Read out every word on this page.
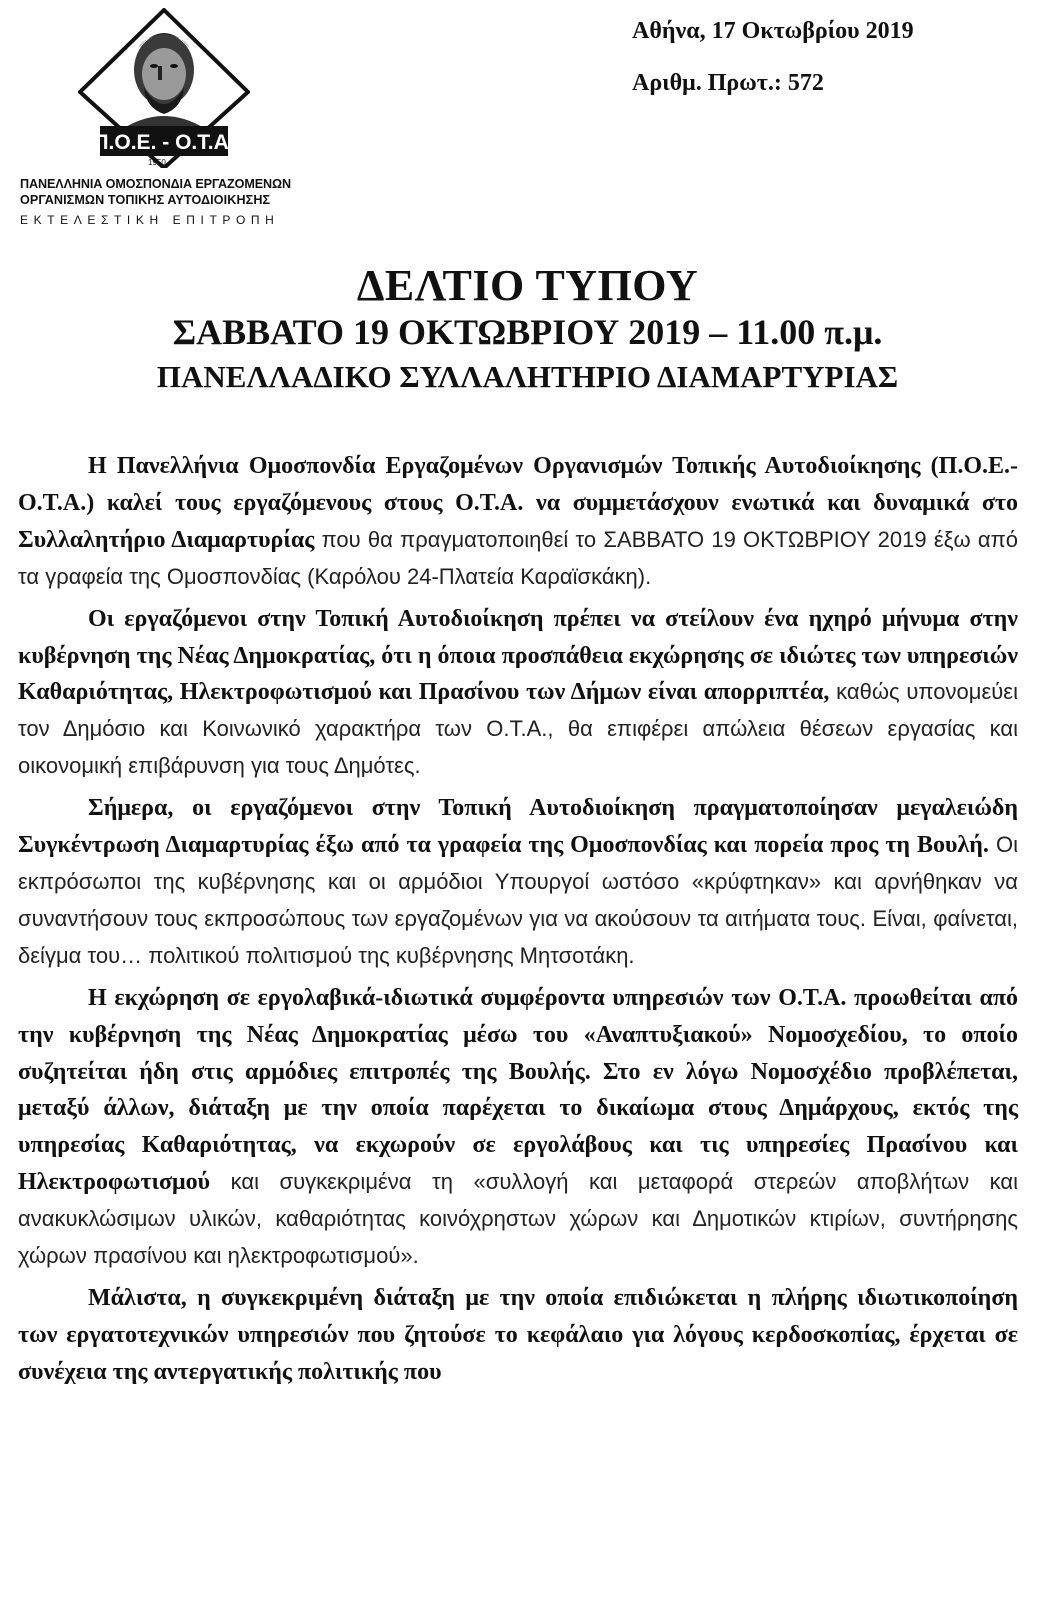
Π.Ο.Ε. - Ο.Τ.Α.
1950
ΠΑΝΕΛΛΗΝΙΑ ΟΜΟΣΠΟΝΔΙΑ ΕΡΓΑΖΟΜΕΝΩΝ
ΟΡΓΑΝΙΣΜΩΝ ΤΟΠΙΚΗΣ ΑΥΤΟΔΙΟΙΚΗΣΗΣ
ΕΚΤΕΛΕΣΤΙΚΗ ΕΠΙΤΡΟΠΗ
Αθήνα, 17 Οκτωβρίου 2019
Αριθμ. Πρωτ.: 572
ΔΕΛΤΙΟ ΤΥΠΟΥ
ΣΑΒΒΑΤΟ 19 ΟΚΤΩΒΡΙΟΥ 2019 – 11.00 π.μ.
ΠΑΝΕΛΛΑΔΙΚΟ ΣΥΛΛΑΛΗΤΗΡΙΟ ΔΙΑΜΑΡΤΥΡΙΑΣ

Η Πανελλήνια Ομοσπονδία Εργαζομένων Οργανισμών Τοπικής Αυτοδιοίκησης (Π.Ο.Ε.-Ο.Τ.Α.) καλεί τους εργαζόμενους στους Ο.Τ.Α. να συμμετάσχουν ενωτικά και δυναμικά στο Συλλαλητήριο Διαμαρτυρίας που θα πραγματοποιηθεί το ΣΑΒΒΑΤΟ 19 ΟΚΤΩΒΡΙΟΥ 2019 έξω από τα γραφεία της Ομοσπονδίας (Καρόλου 24-Πλατεία Καραϊσκάκη).

Οι εργαζόμενοι στην Τοπική Αυτοδιοίκηση πρέπει να στείλουν ένα ηχηρό μήνυμα στην κυβέρνηση της Νέας Δημοκρατίας, ότι η όποια προσπάθεια εκχώρησης σε ιδιώτες των υπηρεσιών Καθαριότητας, Ηλεκτροφωτισμού και Πρασίνου των Δήμων είναι απορριπτέα, καθώς υπονομεύει τον Δημόσιο και Κοινωνικό χαρακτήρα των Ο.Τ.Α., θα επιφέρει απώλεια θέσεων εργασίας και οικονομική επιβάρυνση για τους Δημότες.

Σήμερα, οι εργαζόμενοι στην Τοπική Αυτοδιοίκηση πραγματοποίησαν μεγαλειώδη Συγκέντρωση Διαμαρτυρίας έξω από τα γραφεία της Ομοσπονδίας και πορεία προς τη Βουλή. Οι εκπρόσωποι της κυβέρνησης και οι αρμόδιοι Υπουργοί ωστόσο «κρύφτηκαν» και αρνήθηκαν να συναντήσουν τους εκπροσώπους των εργαζομένων για να ακούσουν τα αιτήματα τους. Είναι, φαίνεται, δείγμα του… πολιτικού πολιτισμού της κυβέρνησης Μητσοτάκη.

Η εκχώρηση σε εργολαβικά-ιδιωτικά συμφέροντα υπηρεσιών των Ο.Τ.Α. προωθείται από την κυβέρνηση της Νέας Δημοκρατίας μέσω του «Αναπτυξιακού» Νομοσχεδίου, το οποίο συζητείται ήδη στις αρμόδιες επιτροπές της Βουλής. Στο εν λόγω Νομοσχέδιο προβλέπεται, μεταξύ άλλων, διάταξη με την οποία παρέχεται το δικαίωμα στους Δημάρχους, εκτός της υπηρεσίας Καθαριότητας, να εκχωρούν σε εργολάβους και τις υπηρεσίες Πρασίνου και Ηλεκτροφωτισμού και συγκεκριμένα τη «συλλογή και μεταφορά στερεών αποβλήτων και ανακυκλώσιμων υλικών, καθαριότητας κοινόχρηστων χώρων και Δημοτικών κτιρίων, συντήρησης χώρων πρασίνου και ηλεκτροφωτισμού».

Μάλιστα, η συγκεκριμένη διάταξη με την οποία επιδιώκεται η πλήρης ιδιωτικοποίηση των εργατοτεχνικών υπηρεσιών που ζητούσε το κεφάλαιο για λόγους κερδοσκοπίας, έρχεται σε συνέχεια της αντεργατικής πολιτικής που
